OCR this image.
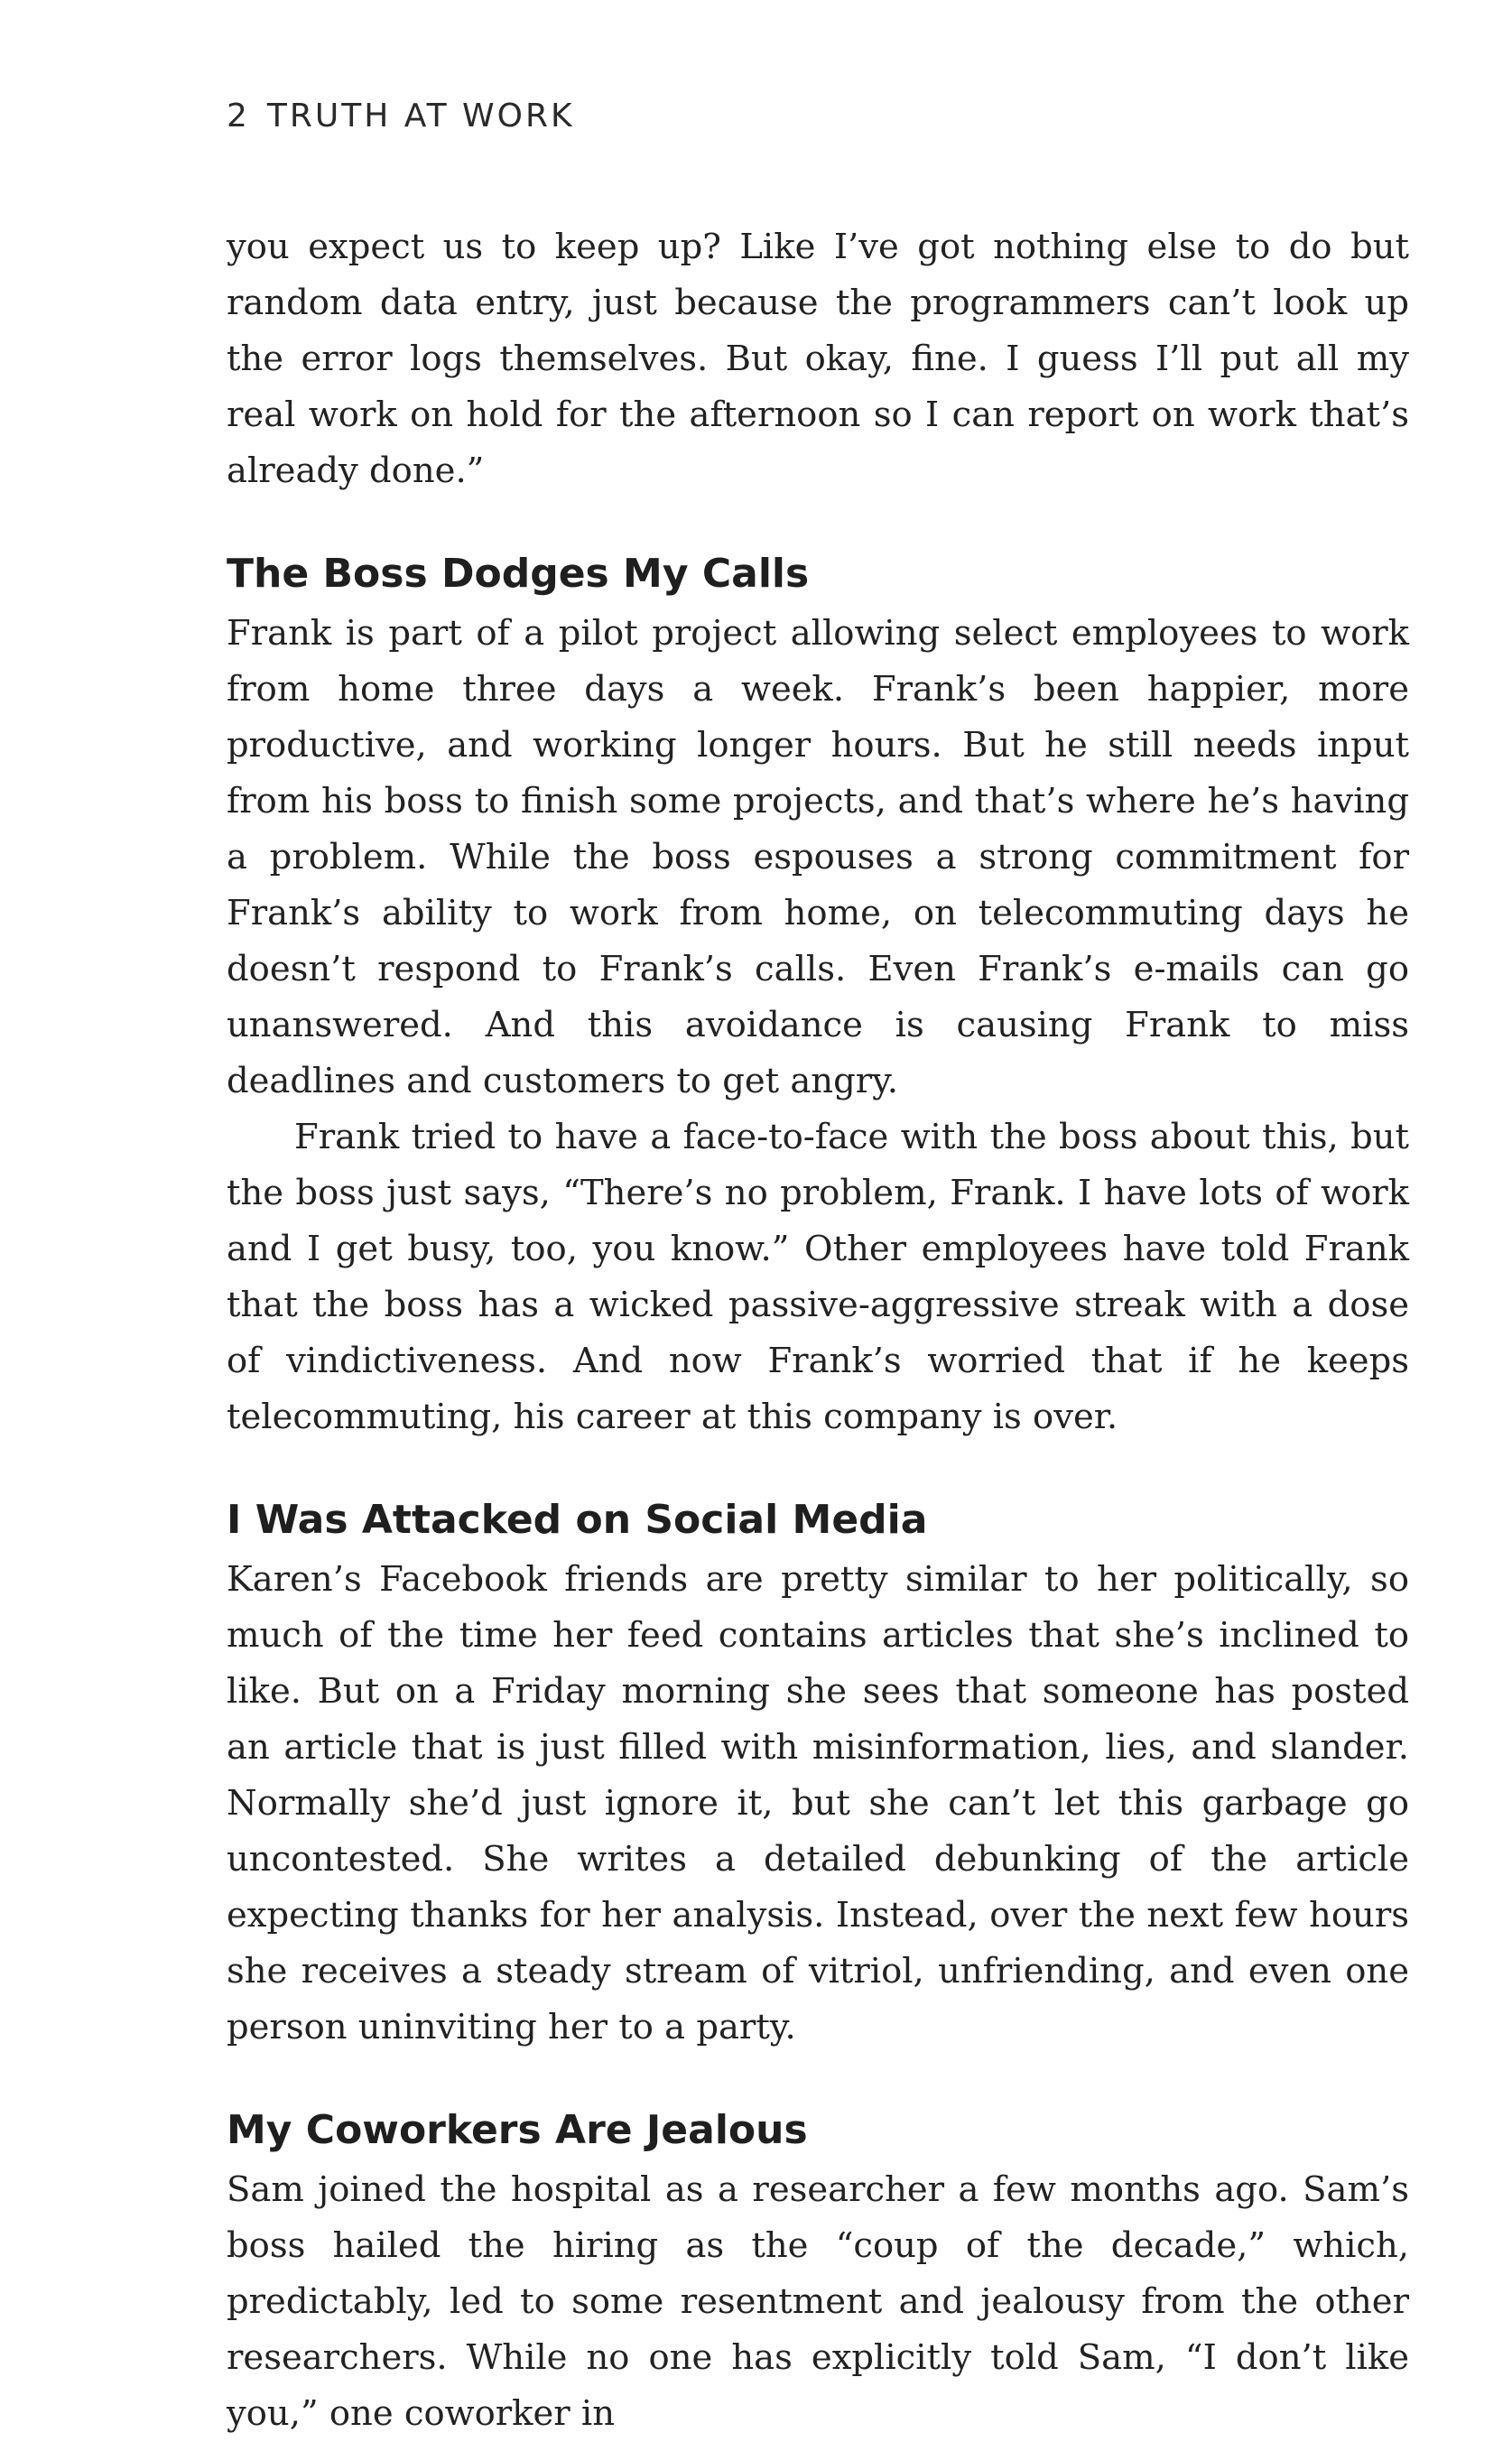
2 TRUTH AT WORK

you expect us to keep up? Like I’ve got nothing else to do but random data entry, just because the programmers can’t look up the error logs themselves. But okay, fine. I guess I’ll put all my real work on hold for the afternoon so I can report on work that’s already done.”

The Boss Dodges My Calls

Frank is part of a pilot project allowing select employees to work from home three days a week. Frank’s been happier, more productive, and working longer hours. But he still needs input from his boss to finish some projects, and that’s where he’s having a problem. While the boss espouses a strong commitment for Frank’s ability to work from home, on telecommuting days he doesn’t respond to Frank’s calls. Even Frank’s e-mails can go unanswered. And this avoidance is causing Frank to miss deadlines and customers to get angry.

Frank tried to have a face-to-face with the boss about this, but the boss just says, “There’s no problem, Frank. I have lots of work and I get busy, too, you know.” Other employees have told Frank that the boss has a wicked passive-aggressive streak with a dose of vindictiveness. And now Frank’s worried that if he keeps telecommuting, his career at this company is over.

I Was Attacked on Social Media

Karen’s Facebook friends are pretty similar to her politically, so much of the time her feed contains articles that she’s inclined to like. But on a Friday morning she sees that someone has posted an article that is just filled with misinformation, lies, and slander. Normally she’d just ignore it, but she can’t let this garbage go uncontested. She writes a detailed debunking of the article expecting thanks for her analysis. Instead, over the next few hours she receives a steady stream of vitriol, unfriending, and even one person uninviting her to a party.

My Coworkers Are Jealous

Sam joined the hospital as a researcher a few months ago. Sam’s boss hailed the hiring as the “coup of the decade,” which, predictably, led to some resentment and jealousy from the other researchers. While no one has explicitly told Sam, “I don’t like you,” one coworker in
